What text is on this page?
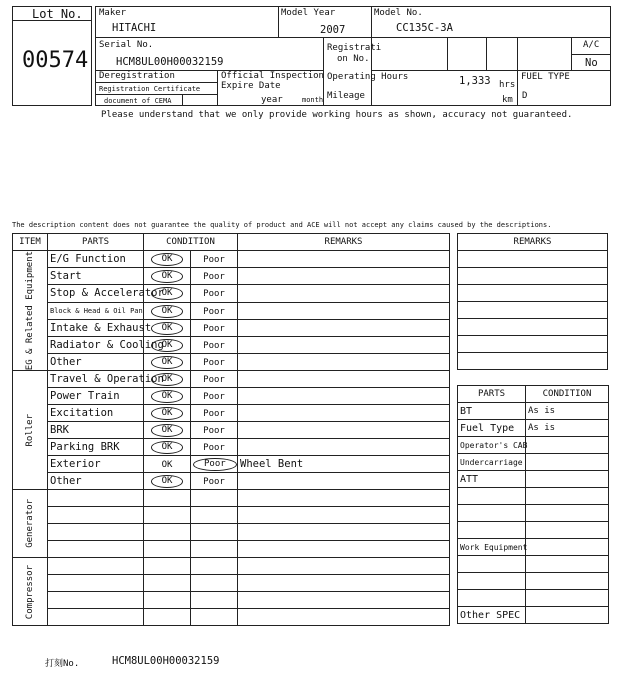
Lot No.
00574
Maker
HITACHI
Model Year
2007
Model No.
CC135C-3A
Serial No.
HCM8UL00H00032159
Registrati
on No.
A/C
No
Deregistration
Registration Certificate
document of CEMA
Official Inspection
Expire Date
year	month
Operating Hours	1,333 hrs
Mileage	km
FUEL TYPE
D
Please understand that we only provide working hours as shown, accuracy not guaranteed.
The description content does not guarantee the quality of product and ACE will not accept any claims caused by the descriptions.
ITEM	PARTS	CONDITION		REMARKS

EG & Related Equipment	E/G Function	OK	Poor	
	Start	OK	Poor	
	Stop & Accelerator	OK	Poor	
	Block & Head & Oil Pan	OK	Poor	
	Intake & Exhaust	OK	Poor	
	Radiator & Cooling	OK	Poor	
	Other	OK	Poor	

Roller	Travel & Operation	OK	Poor	
	Power Train	OK	Poor	
	Excitation	OK	Poor	
	BRK	OK	Poor	
	Parking BRK	OK	Poor	
	Exterior	OK	Poor	Wheel Bent
	Other	OK	Poor	

Generator				

Compressor				

REMARKS

PARTS	CONDITION
BT	As is
Fuel Type	As is
Operator's CAB	
Undercarriage	
ATT	

Work Equipment	

Other SPEC	
打刻No.	HCM8UL00H00032159
